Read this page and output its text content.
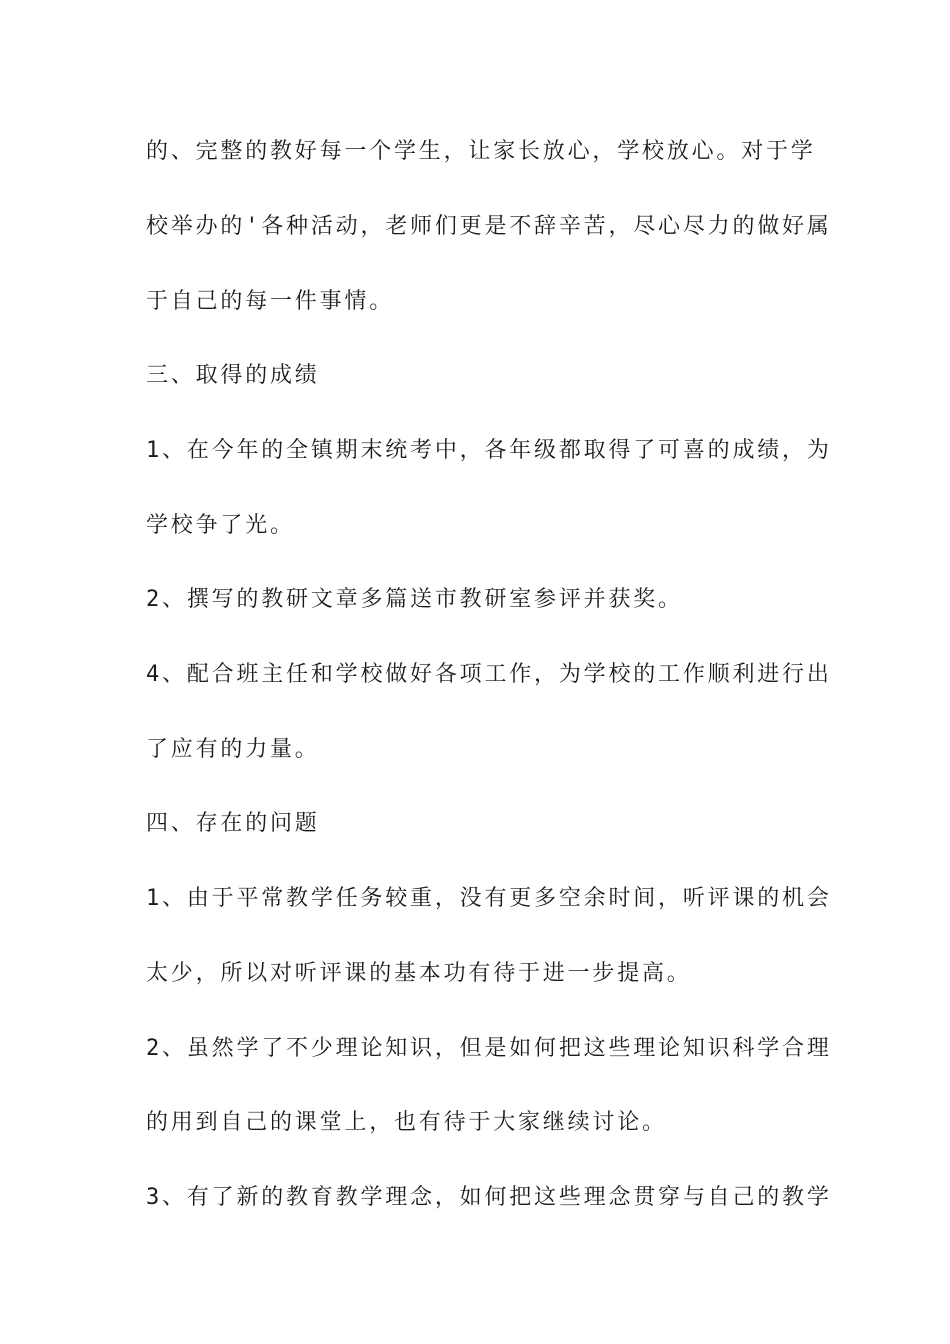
的、完整的教好每一个学生，让家长放心，学校放心。对于学

校举办的'各种活动，老师们更是不辞辛苦，尽心尽力的做好属

于自己的每一件事情。

三、取得的成绩

1、在今年的全镇期末统考中，各年级都取得了可喜的成绩，为

学校争了光。

2、撰写的教研文章多篇送市教研室参评并获奖。

4、配合班主任和学校做好各项工作，为学校的工作顺利进行出

了应有的力量。

四、存在的问题

1、由于平常教学任务较重，没有更多空余时间，听评课的机会

太少，所以对听评课的基本功有待于进一步提高。

2、虽然学了不少理论知识，但是如何把这些理论知识科学合理

的用到自己的课堂上，也有待于大家继续讨论。

3、有了新的教育教学理念，如何把这些理念贯穿与自己的教学
